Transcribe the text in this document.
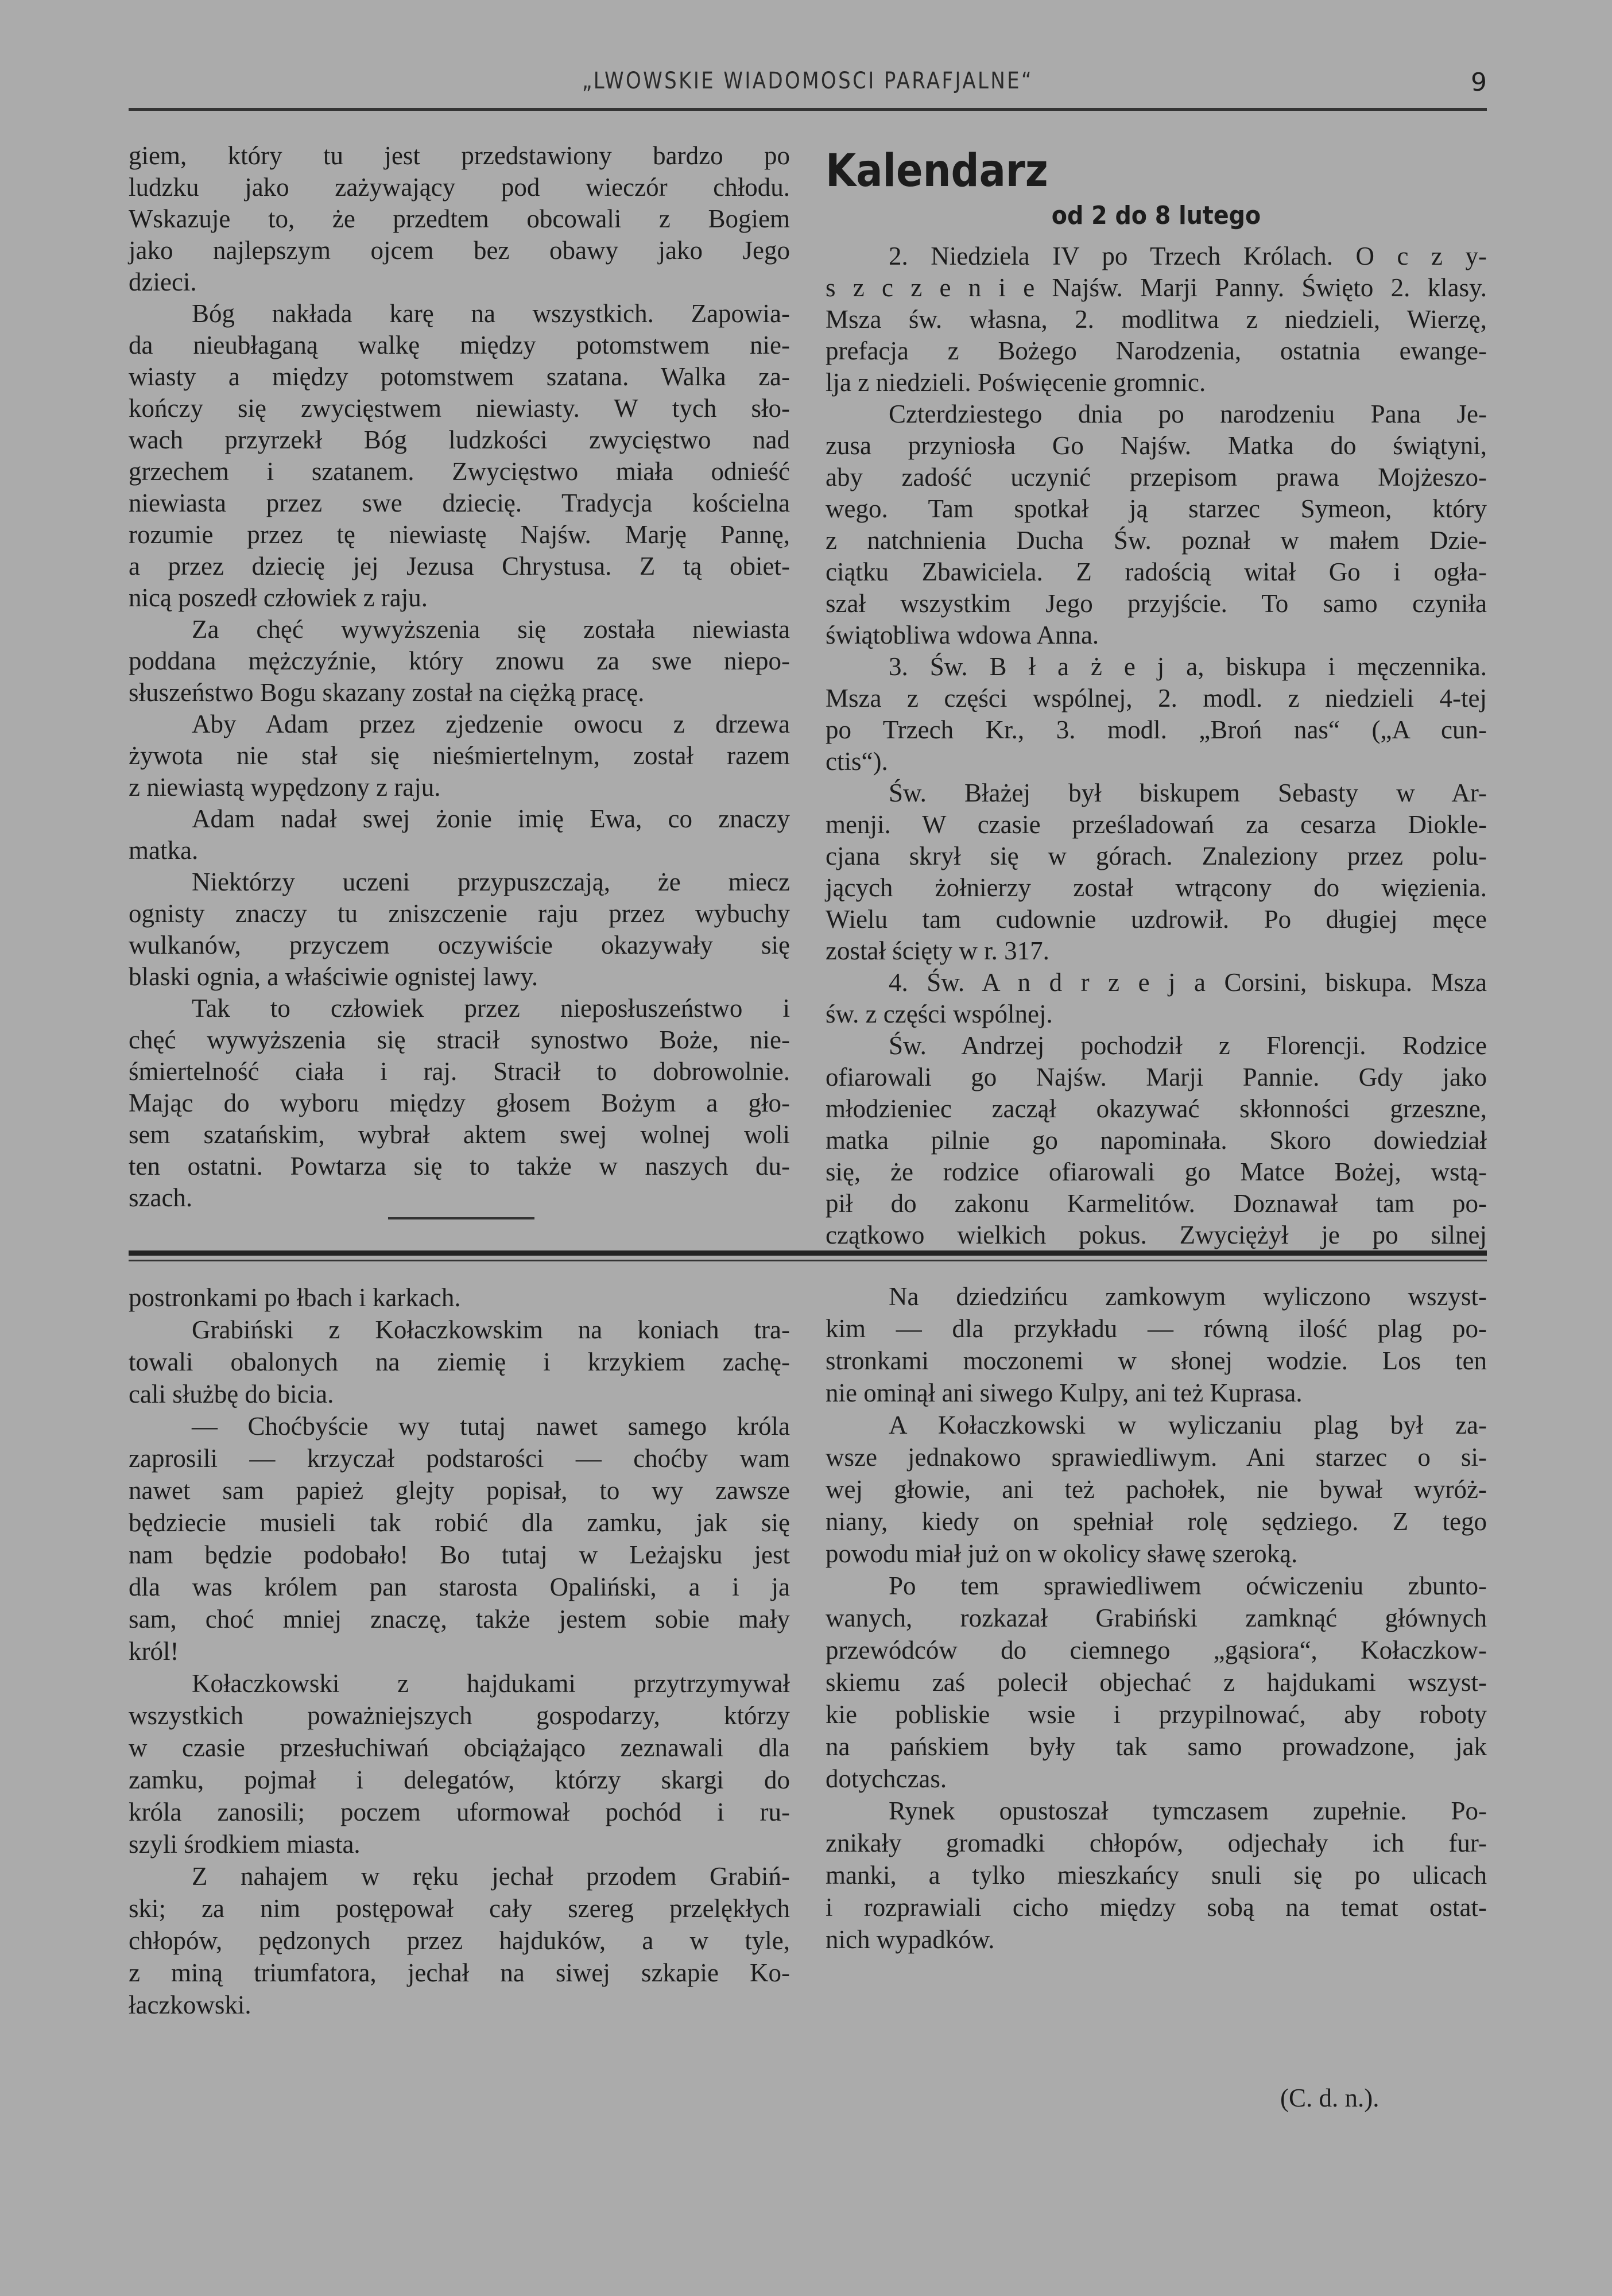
„LWOWSKIE WIADOMOSCI PARAFJALNE“	9
giem, który tu jest przedstawiony bardzo po
ludzku jako zażywający pod wieczór chłodu.
Wskazuje to, że przedtem obcowali z Bogiem
jako najlepszym ojcem bez obawy jako Jego
dzieci.
Bóg nakłada karę na wszystkich. Zapowia-
da nieubłaganą walkę między potomstwem nie-
wiasty a między potomstwem szatana. Walka za-
kończy się zwycięstwem niewiasty. W tych sło-
wach przyrzekł Bóg ludzkości zwycięstwo nad
grzechem i szatanem. Zwycięstwo miała odnieść
niewiasta przez swe dziecię. Tradycja kościelna
rozumie przez tę niewiastę Najśw. Marję Pannę,
a przez dziecię jej Jezusa Chrystusa. Z tą obiet-
nicą poszedł człowiek z raju.
Za chęć wywyższenia się została niewiasta
poddana mężczyźnie, który znowu za swe niepo-
słuszeństwo Bogu skazany został na ciężką pracę.
Aby Adam przez zjedzenie owocu z drzewa
żywota nie stał się nieśmiertelnym, został razem
z niewiastą wypędzony z raju.
Adam nadał swej żonie imię Ewa, co znaczy
matka.
Niektórzy uczeni przypuszczają, że miecz
ognisty znaczy tu zniszczenie raju przez wybuchy
wulkanów, przyczem oczywiście okazywały się
blaski ognia, a właściwie ognistej lawy.
Tak to człowiek przez nieposłuszeństwo i
chęć wywyższenia się stracił synostwo Boże, nie-
śmiertelność ciała i raj. Stracił to dobrowolnie.
Mając do wyboru między głosem Bożym a gło-
sem szatańskim, wybrał aktem swej wolnej woli
ten ostatni. Powtarza się to także w naszych du-
szach.
Kalendarz
od 2 do 8 lutego
2. Niedziela IV po Trzech Królach. O c z y-
s z c z e n i e Najśw. Marji Panny. Święto 2. klasy.
Msza św. własna, 2. modlitwa z niedzieli, Wierzę,
prefacja z Bożego Narodzenia, ostatnia ewange-
lja z niedzieli. Poświęcenie gromnic.
Czterdziestego dnia po narodzeniu Pana Je-
zusa przyniosła Go Najśw. Matka do świątyni,
aby zadość uczynić przepisom prawa Mojżeszo-
wego. Tam spotkał ją starzec Symeon, który
z natchnienia Ducha Św. poznał w małem Dzie-
ciątku Zbawiciela. Z radością witał Go i ogła-
szał wszystkim Jego przyjście. To samo czyniła
świątobliwa wdowa Anna.
3. Św. B ł a ż e j a, biskupa i męczennika.
Msza z części wspólnej, 2. modl. z niedzieli 4-tej
po Trzech Kr., 3. modl. „Broń nas“ („A cun-
ctis“).
Św. Błażej był biskupem Sebasty w Ar-
menji. W czasie prześladowań za cesarza Diokle-
cjana skrył się w górach. Znaleziony przez polu-
jących żołnierzy został wtrącony do więzienia.
Wielu tam cudownie uzdrowił. Po długiej męce
został ścięty w r. 317.
4. Św. A n d r z e j a Corsini, biskupa. Msza
św. z części wspólnej.
Św. Andrzej pochodził z Florencji. Rodzice
ofiarowali go Najśw. Marji Pannie. Gdy jako
młodzieniec zaczął okazywać skłonności grzeszne,
matka pilnie go napominała. Skoro dowiedział
się, że rodzice ofiarowali go Matce Bożej, wstą-
pił do zakonu Karmelitów. Doznawał tam po-
czątkowo wielkich pokus. Zwyciężył je po silnej
postronkami po łbach i karkach.
Grabiński z Kołaczkowskim na koniach tra-
towali obalonych na ziemię i krzykiem zachę-
cali służbę do bicia.
— Choćbyście wy tutaj nawet samego króla
zaprosili — krzyczał podstarości — choćby wam
nawet sam papież glejty popisał, to wy zawsze
będziecie musieli tak robić dla zamku, jak się
nam będzie podobało! Bo tutaj w Leżajsku jest
dla was królem pan starosta Opaliński, a i ja
sam, choć mniej znaczę, także jestem sobie mały
król!
Kołaczkowski z hajdukami przytrzymywał
wszystkich poważniejszych gospodarzy, którzy
w czasie przesłuchiwań obciążająco zeznawali dla
zamku, pojmał i delegatów, którzy skargi do
króla zanosili; poczem uformował pochód i ru-
szyli środkiem miasta.
Z nahajem w ręku jechał przodem Grabiń-
ski; za nim postępował cały szereg przelękłych
chłopów, pędzonych przez hajduków, a w tyle,
z miną triumfatora, jechał na siwej szkapie Ko-
łaczkowski.
Na dziedzińcu zamkowym wyliczono wszyst-
kim — dla przykładu — równą ilość plag po-
stronkami moczonemi w słonej wodzie. Los ten
nie ominął ani siwego Kulpy, ani też Kuprasa.
A Kołaczkowski w wyliczaniu plag był za-
wsze jednakowo sprawiedliwym. Ani starzec o si-
wej głowie, ani też pachołek, nie bywał wyróż-
niany, kiedy on spełniał rolę sędziego. Z tego
powodu miał już on w okolicy sławę szeroką.
Po tem sprawiedliwem oćwiczeniu zbunto-
wanych, rozkazał Grabiński zamknąć głównych
przewódców do ciemnego „gąsiora“, Kołaczkow-
skiemu zaś polecił objechać z hajdukami wszyst-
kie pobliskie wsie i przypilnować, aby roboty
na pańskiem były tak samo prowadzone, jak
dotychczas.
Rynek opustoszał tymczasem zupełnie. Po-
znikały gromadki chłopów, odjechały ich fur-
manki, a tylko mieszkańcy snuli się po ulicach
i rozprawiali cicho między sobą na temat ostat-
nich wypadków.
(C. d. n.).
